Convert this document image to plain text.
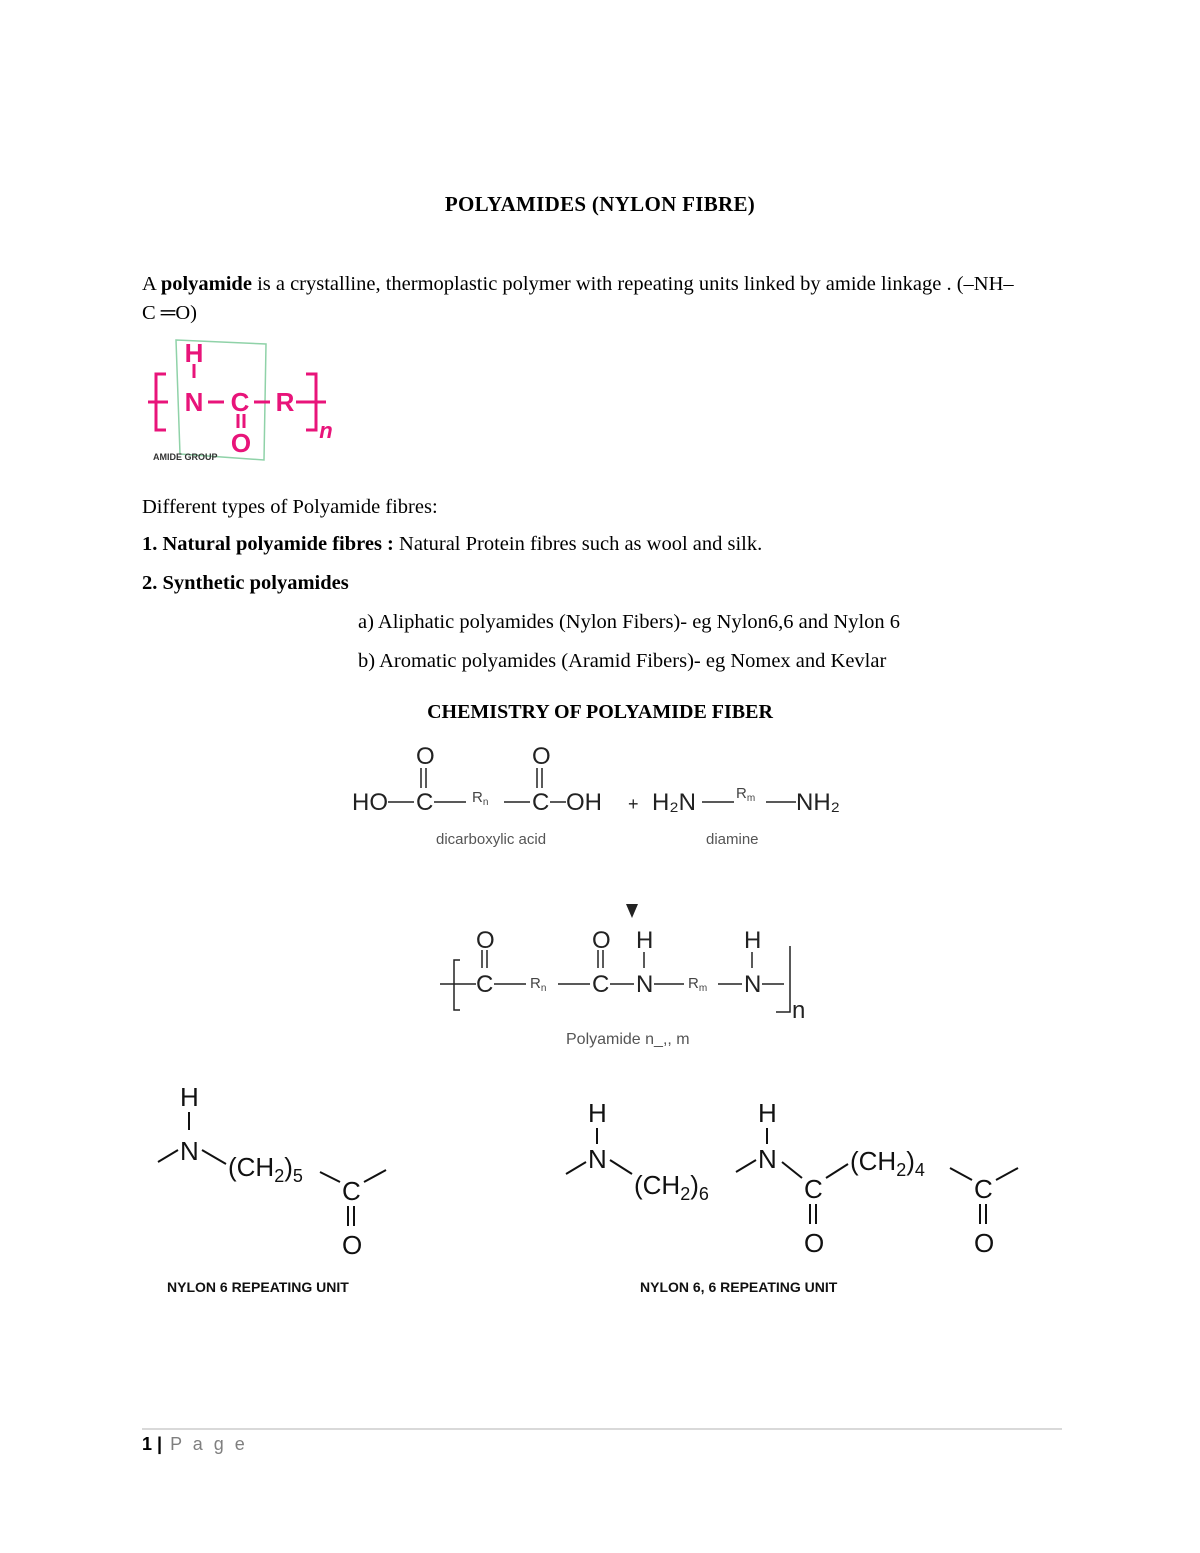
POLYAMIDES (NYLON FIBRE)
A polyamide is a crystalline, thermoplastic polymer with repeating units linked by amide linkage . (–NH–C ═O)
H
N C R
O	n
AMIDE GROUP
Different types of Polyamide fibres:
1. Natural polyamide fibres : Natural Protein fibres such as wool and silk.
2. Synthetic polyamides
a) Aliphatic polyamides (Nylon Fibers)- eg Nylon6,6 and Nylon 6
b) Aromatic polyamides (Aramid Fibers)- eg Nomex and Kevlar
CHEMISTRY OF POLYAMIDE FIBER
HO C
O
C
O
OH + H₂N	NH₂
$R_n$
$R_m$
dicarboxylic acid	diamine
C
O
C
O
N
H
N
H
n
$R_n$	$R_m$
Polyamide n_,, m
H
N
$(CH_2)_5$ C
O
NYLON 6 REPEATING UNIT
H
N
$(CH_2)_6$
H
N
C
O
$(CH_2)_4$
C
O
NYLON 6, 6 REPEATING UNIT
1 | P a g e
